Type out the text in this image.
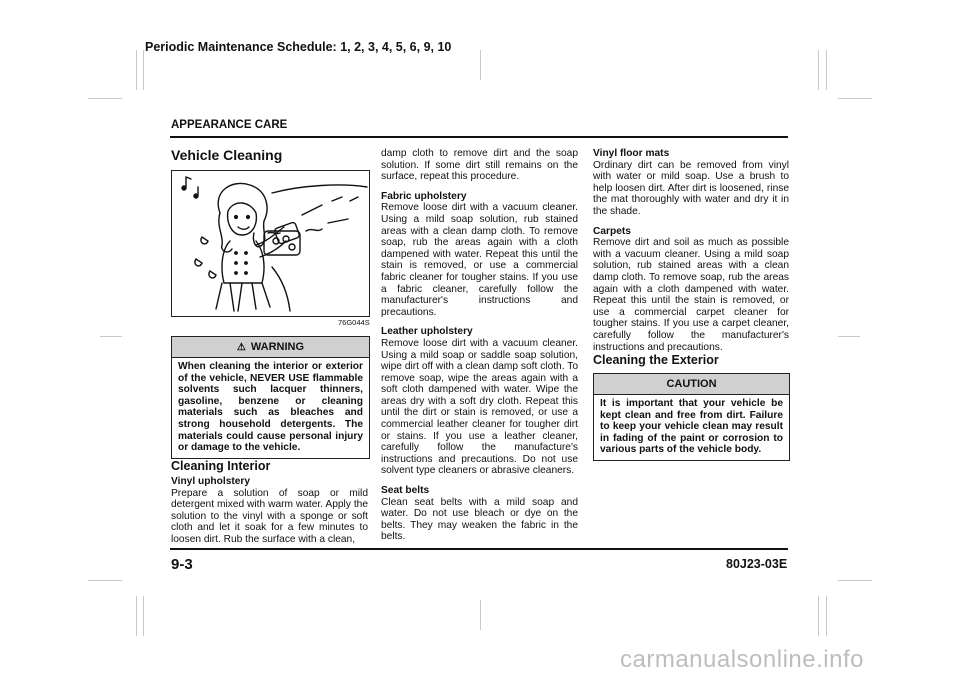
Periodic Maintenance Schedule: 1, 2, 3, 4, 5, 6, 9, 10
APPEARANCE CARE
Vehicle Cleaning
76G044S
⚠ WARNING
When cleaning the interior or exterior of the vehicle, NEVER USE flammable solvents such lacquer thinners, gasoline, benzene or cleaning materials such as bleaches and strong household detergents. The materials could cause personal injury or damage to the vehicle.
Cleaning Interior
Vinyl upholstery
Prepare a solution of soap or mild detergent mixed with warm water. Apply the solution to the vinyl with a sponge or soft cloth and let it soak for a few minutes to loosen dirt. Rub the surface with a clean,

damp cloth to remove dirt and the soap solution. If some dirt still remains on the surface, repeat this procedure.

Fabric upholstery
Remove loose dirt with a vacuum cleaner. Using a mild soap solution, rub stained areas with a clean damp cloth. To remove soap, rub the areas again with a cloth dampened with water. Repeat this until the stain is removed, or use a commercial fabric cleaner for tougher stains. If you use a fabric cleaner, carefully follow the manufacturer's instructions and precautions.

Leather upholstery
Remove loose dirt with a vacuum cleaner. Using a mild soap or saddle soap solution, wipe dirt off with a clean damp soft cloth. To remove soap, wipe the areas again with a soft cloth dampened with water. Wipe the areas dry with a soft dry cloth. Repeat this until the dirt or stain is removed, or use a commercial leather cleaner for tougher dirt or stains. If you use a leather cleaner, carefully follow the manufacture's instructions and precautions. Do not use solvent type cleaners or abrasive cleaners.

Seat belts
Clean seat belts with a mild soap and water. Do not use bleach or dye on the belts. They may weaken the fabric in the belts.

Vinyl floor mats
Ordinary dirt can be removed from vinyl with water or mild soap. Use a brush to help loosen dirt. After dirt is loosened, rinse the mat thoroughly with water and dry it in the shade.

Carpets
Remove dirt and soil as much as possible with a vacuum cleaner. Using a mild soap solution, rub stained areas with a clean damp cloth. To remove soap, rub the areas again with a cloth dampened with water. Repeat this until the stain is removed, or use a commercial carpet cleaner for tougher stains. If you use a carpet cleaner, carefully follow the manufacturer's instructions and precautions.

Cleaning the Exterior
CAUTION
It is important that your vehicle be kept clean and free from dirt. Failure to keep your vehicle clean may result in fading of the paint or corrosion to various parts of the vehicle body.
9-3	80J23-03E
carmanualsonline.info
